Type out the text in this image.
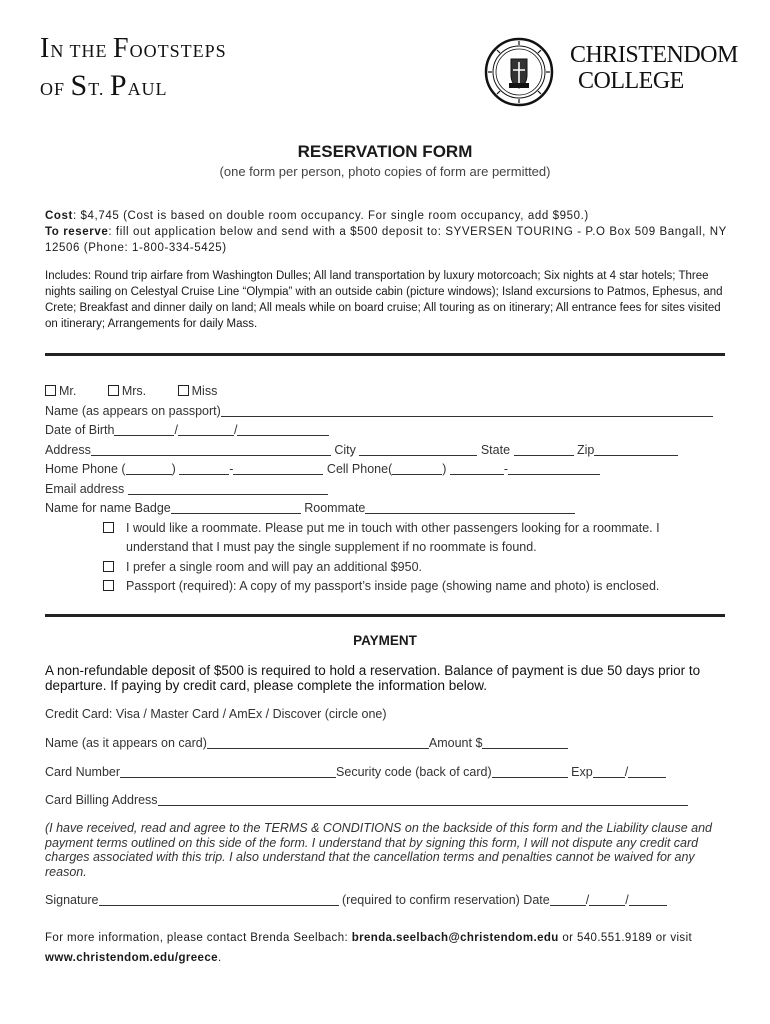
IN THE FOOTSTEPS
OF ST. PAUL
CHRISTENDOM
COLLEGE
RESERVATION FORM
(one form per person, photo copies of form are permitted)
Cost: $4,745 (Cost is based on double room occupancy. For single room occupancy, add $950.)
To reserve: fill out application below and send with a $500 deposit to: SYVERSEN TOURING - P.O Box 509 Bangall, NY 12506 (Phone: 1-800-334-5425)
Includes: Round trip airfare from Washington Dulles; All land transportation by luxury motorcoach; Six nights at 4 star hotels; Three nights sailing on Celestyal Cruise Line “Olympia” with an outside cabin (picture windows); Island excursions to Patmos, Ephesus, and Crete; Breakfast and dinner daily on land; All meals while on board cruise; All touring as on itinerary; All entrance fees for sites visited on itinerary; Arrangements for daily Mass.
Mr.	Mrs.	Miss
Name (as appears on passport)
Date of Birth	/	/
Address	City	State	Zip
Home Phone (	)	-	Cell Phone(	)	-
Email address
Name for name Badge	Roommate
I would like a roommate. Please put me in touch with other passengers looking for a roommate. I
understand that I must pay the single supplement if no roommate is found.
I prefer a single room and will pay an additional $950.
Passport (required): A copy of my passport’s inside page (showing name and photo) is enclosed.
PAYMENT
A non-refundable deposit of $500 is required to hold a reservation. Balance of payment is due 50 days prior to departure. If paying by credit card, please complete the information below.
Credit Card: Visa / Master Card / AmEx / Discover (circle one)
Name (as it appears on card)	Amount $
Card Number	Security code (back of card)	Exp	/
Card Billing Address
(I have received, read and agree to the TERMS & CONDITIONS on the backside of this form and the Liability clause and payment terms outlined on this side of the form. I understand that by signing this form, I will not dispute any credit card charges associated with this trip. I also understand that the cancellation terms and penalties cannot be waived for any reason.
Signature	(required to confirm reservation) Date	/	/
For more information, please contact Brenda Seelbach: brenda.seelbach@christendom.edu or 540.551.9189 or visit
www.christendom.edu/greece.
